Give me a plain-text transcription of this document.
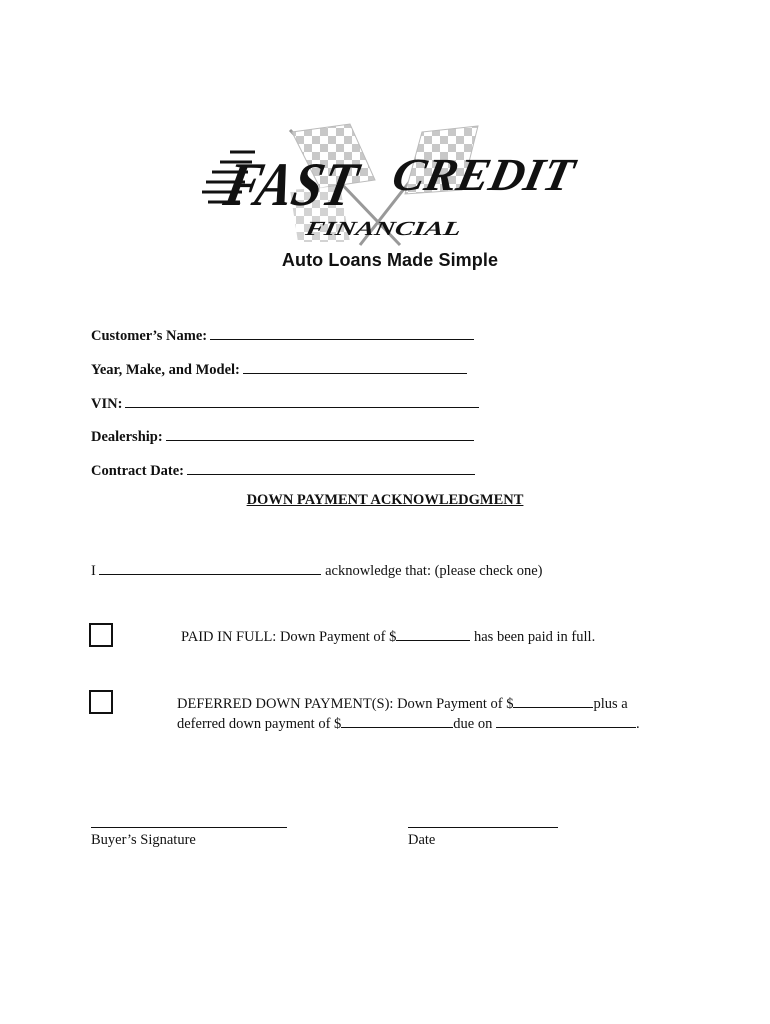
FAST CREDIT
FINANCIAL
Auto Loans Made Simple
Customer’s Name:
Year, Make, and Model:
VIN:
Dealership:
Contract Date:
DOWN PAYMENT ACKNOWLEDGMENT
I	acknowledge that: (please check one)
PAID IN FULL: Down Payment of $	has been paid in full.
DEFERRED DOWN PAYMENT(S): Down Payment of $	plus a
deferred down payment of $	due on	.
Buyer’s Signature	Date
